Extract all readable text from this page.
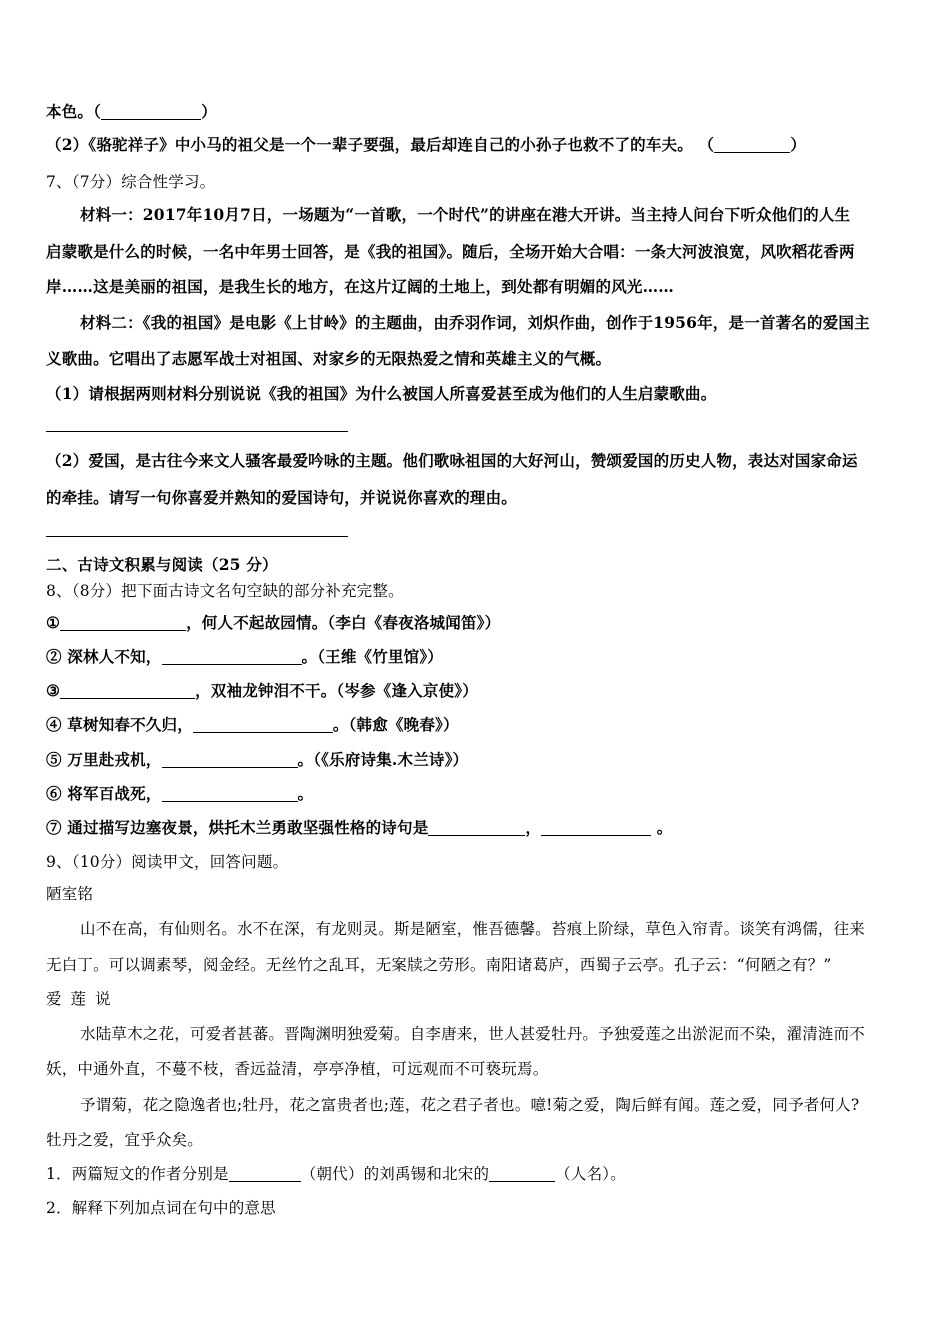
本色。（	）
（2）《骆驼祥子》中小马的祖父是一个一辈子要强，最后却连自己的小孙子也救不了的车夫。 （	）
7、（7分）综合性学习。
材料一：2017年10月7日，一场题为“一首歌，一个时代”的讲座在港大开讲。当主持人问台下听众他们的人生
启蒙歌是什么的时候，一名中年男士回答，是《我的祖国》。随后，全场开始大合唱：一条大河波浪宽，风吹稻花香两
岸……这是美丽的祖国，是我生长的地方，在这片辽阔的土地上，到处都有明媚的风光……
材料二：《我的祖国》是电影《上甘岭》的主题曲，由乔羽作词，刘炽作曲，创作于1956年，是一首著名的爱国主
义歌曲。它唱出了志愿军战士对祖国、对家乡的无限热爱之情和英雄主义的气概。
（1）请根据两则材料分别说说《我的祖国》为什么被国人所喜爱甚至成为他们的人生启蒙歌曲。
（2）爱国，是古往今来文人骚客最爱吟咏的主题。他们歌咏祖国的大好河山，赞颂爱国的历史人物，表达对国家命运
的牵挂。请写一句你喜爱并熟知的爱国诗句，并说说你喜欢的理由。
二、古诗文积累与阅读（25 分）
8、（8分）把下面古诗文名句空缺的部分补充完整。
①	，何人不起故园情。（李白《春夜洛城闻笛》）
② 深林人不知，	。（王维《竹里馆》）
③	，双袖龙钟泪不干。（岑参《逢入京使》）
④ 草树知春不久归，	。（韩愈《晚春》）
⑤ 万里赴戎机，	。（《乐府诗集.木兰诗》）
⑥ 将军百战死，	。
⑦ 通过描写边塞夜景，烘托木兰勇敢坚强性格的诗句是	，	。
9、（10分）阅读甲文，回答问题。
陋室铭
山不在高，有仙则名。水不在深，有龙则灵。斯是陋室，惟吾德馨。苔痕上阶绿，草色入帘青。谈笑有鸿儒，往来
无白丁。可以调素琴，阅金经。无丝竹之乱耳，无案牍之劳形。南阳诸葛庐，西蜀子云亭。孔子云：“何陋之有？”
爱莲说
水陆草木之花，可爱者甚蕃。晋陶渊明独爱菊。自李唐来，世人甚爱牡丹。予独爱莲之出淤泥而不染，濯清涟而不
妖，中通外直，不蔓不枝，香远益清，亭亭净植，可远观而不可亵玩焉。
予谓菊，花之隐逸者也;牡丹，花之富贵者也;莲，花之君子者也。噫!菊之爱，陶后鲜有闻。莲之爱，同予者何人?
牡丹之爱，宜乎众矣。
1．两篇短文的作者分别是	（朝代）的刘禹锡和北宋的	（人名）。
2．解释下列加点词在句中的意思
